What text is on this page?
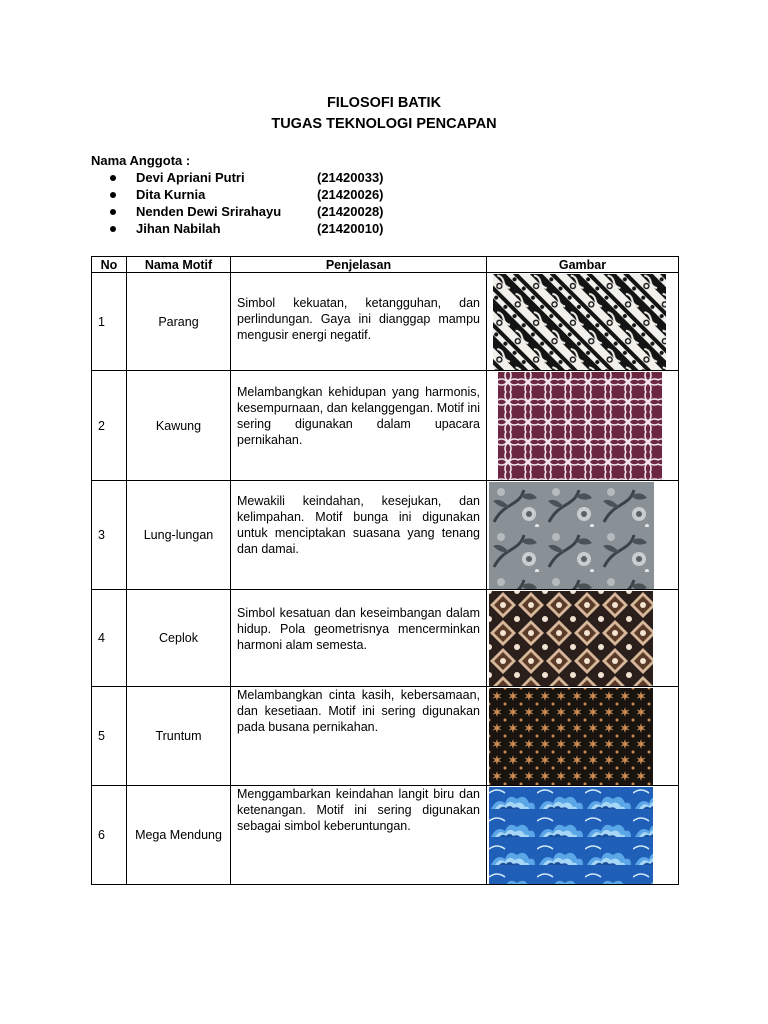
FILOSOFI BATIK
TUGAS TEKNOLOGI PENCAPAN
Nama Anggota :
Devi Apriani Putri	(21420033)
Dita Kurnia	(21420026)
Nenden Dewi Srirahayu	(21420028)
Jihan Nabilah	(21420010)
No	Nama Motif	Penjelasan	Gambar
1	Parang	Simbol kekuatan, ketangguhan, dan perlindungan. Gaya ini dianggap mampu mengusir energi negatif.	

2	Kawung	Melambangkan kehidupan yang harmonis, kesempurnaan, dan kelanggengan. Motif ini sering digunakan dalam upacara pernikahan.	

3	Lung-lungan	Mewakili keindahan, kesejukan, dan kelimpahan. Motif bunga ini digunakan untuk menciptakan suasana yang tenang dan damai.	

4	Ceplok	Simbol kesatuan dan keseimbangan dalam hidup. Pola geometrisnya mencerminkan harmoni alam semesta.	

5	Truntum	Melambangkan cinta kasih, kebersamaan, dan kesetiaan. Motif ini sering digunakan pada busana pernikahan.	

6	Mega Mendung	Menggambarkan keindahan langit biru dan ketenangan. Motif ini sering digunakan sebagai simbol keberuntungan.	
